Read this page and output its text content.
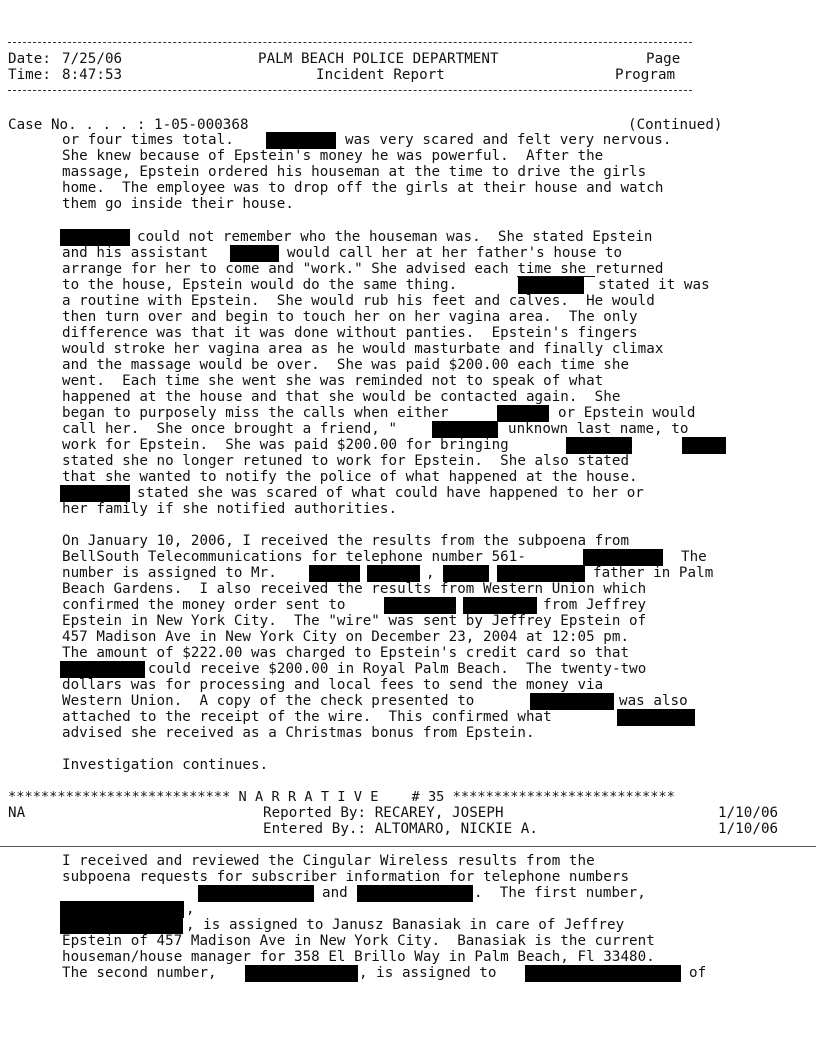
Date: 7/25/06	PALM BEACH POLICE DEPARTMENT	Page
Time: 8:47:53	Incident Report	Program
Case No. . . . : 1-05-000368	(Continued)
or four times total.	was very scared and felt very nervous.
She knew because of Epstein's money he was powerful.  After the
massage, Epstein ordered his houseman at the time to drive the girls
home.  The employee was to drop off the girls at their house and watch
them go inside their house.
could not remember who the houseman was.  She stated Epstein
and his assistant	would call her at her father's house to
arrange for her to come and "work." She advised each time she returned
to the house, Epstein would do the same thing.	stated it was
a routine with Epstein.  She would rub his feet and calves.  He would
then turn over and begin to touch her on her vagina area.  The only
difference was that it was done without panties.  Epstein's fingers
would stroke her vagina area as he would masturbate and finally climax
and the massage would be over.  She was paid $200.00 each time she
went.  Each time she went she was reminded not to speak of what
happened at the house and that she would be contacted again.  She
began to purposely miss the calls when either	or Epstein would
call her.  She once brought a friend, "	unknown last name, to
work for Epstein.  She was paid $200.00 for bringing
stated she no longer retuned to work for Epstein.  She also stated
that she wanted to notify the police of what happened at the house.
stated she was scared of what could have happened to her or
her family if she notified authorities.
On January 10, 2006, I received the results from the subpoena from
BellSouth Telecommunications for telephone number 561-	The
number is assigned to Mr.	,	father in Palm
Beach Gardens.  I also received the results from Western Union which
confirmed the money order sent to	from Jeffrey
Epstein in New York City.  The "wire" was sent by Jeffrey Epstein of
457 Madison Ave in New York City on December 23, 2004 at 12:05 pm.
The amount of $222.00 was charged to Epstein's credit card so that
could receive $200.00 in Royal Palm Beach.  The twenty-two
dollars was for processing and local fees to send the money via
Western Union.  A copy of the check presented to	was also
attached to the receipt of the wire.  This confirmed what
advised she received as a Christmas bonus from Epstein.
Investigation continues.
*************************** N A R R A T I V E    # 35 ***************************
NA	Reported By: RECAREY, JOSEPH	1/10/06
Entered By.: ALTOMARO, NICKIE A.	1/10/06
I received and reviewed the Cingular Wireless results from the
subpoena requests for subscriber information for telephone numbers
and	.  The first number,
,
, is assigned to Janusz Banasiak in care of Jeffrey
Epstein of 457 Madison Ave in New York City.  Banasiak is the current
houseman/house manager for 358 El Brillo Way in Palm Beach, Fl 33480.
The second number,	, is assigned to	of
